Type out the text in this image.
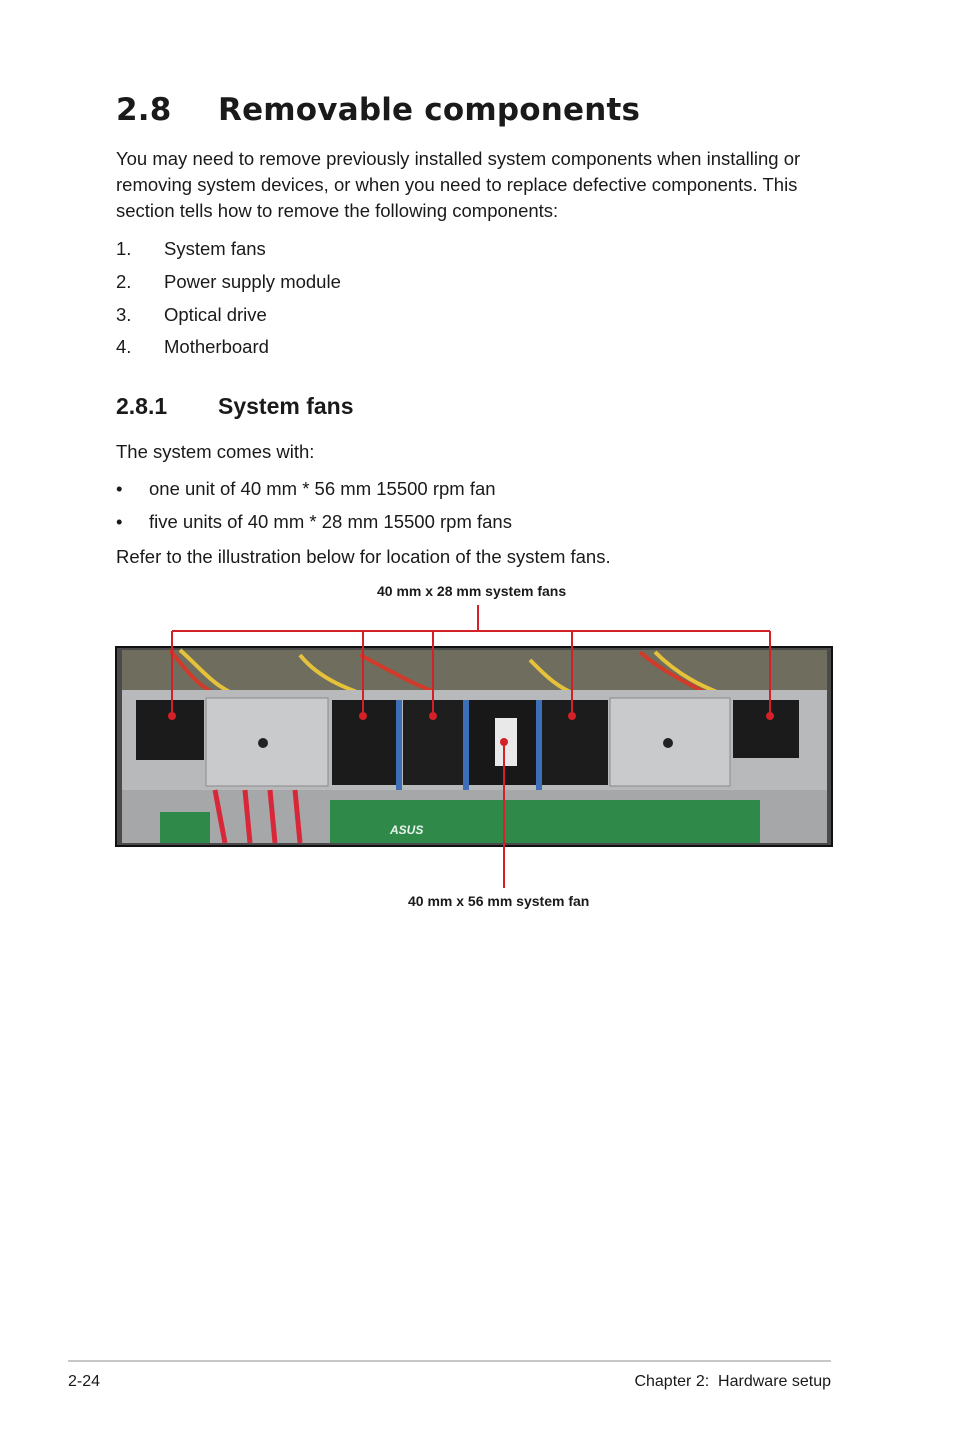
2.8 Removable components
You may need to remove previously installed system components when installing or removing system devices, or when you need to replace defective components. This section tells how to remove the following components:
1. System fans
2. Power supply module
3. Optical drive
4. Motherboard
2.8.1 System fans
The system comes with:
• one unit of 40 mm * 56 mm 15500 rpm fan
• five units of 40 mm * 28 mm 15500 rpm fans
Refer to the illustration below for location of the system fans.
40 mm x 28 mm system fans
ASUS
40 mm x 56 mm system fan
2-24	Chapter 2:  Hardware setup
